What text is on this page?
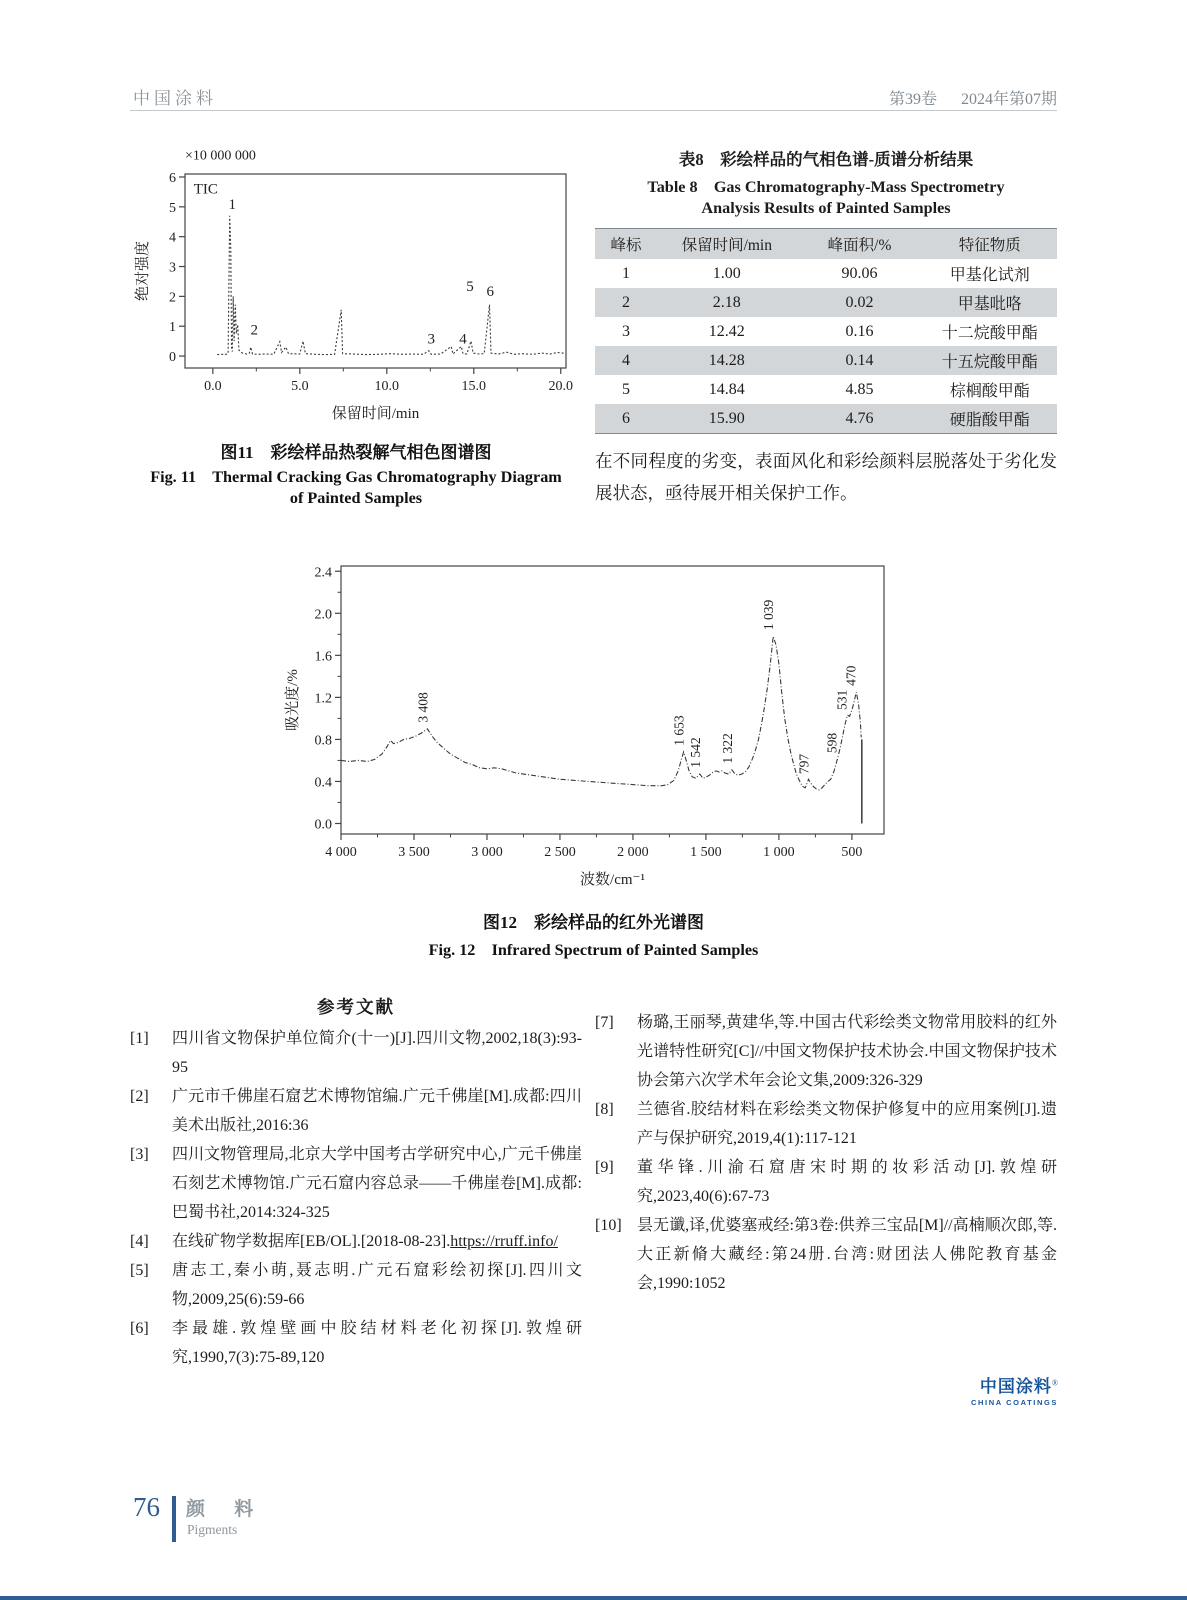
中国涂料	第39卷 2024年第07期
0.0	5.0	10.0	15.0	20.0
0
1
2
3
4
5
6
×10 000 000
TIC
1
2
3 4
5 6
保留时间/min
绝对强度
图11　彩绘样品热裂解气相色图谱图
Fig. 11　Thermal Cracking Gas Chromatography Diagram
of Painted Samples
表8　彩绘样品的气相色谱-质谱分析结果
Table 8　Gas Chromatography-Mass Spectrometry
Analysis Results of Painted Samples
峰标	保留时间/min	峰面积/%	特征物质
1	1.00	90.06	甲基化试剂
2	2.18	0.02	甲基吡咯
3	12.42	0.16	十二烷酸甲酯
4	14.28	0.14	十五烷酸甲酯
5	14.84	4.85	棕榈酸甲酯
6	15.90	4.76	硬脂酸甲酯
在不同程度的劣变，表面风化和彩绘颜料层脱落处于劣化发展状态，亟待展开相关保护工作。
4 000	3 500	3 000	2 500	2 000	1 500	1 000	500
0.0
0.4
0.8
1.2
1.6
2.0
2.4
3 408
1 653
1 542 1 322
1 039
797
598
531
470
波数/cm⁻¹
吸光度/%
图12　彩绘样品的红外光谱图
Fig. 12　Infrared Spectrum of Painted Samples
参考文献
[1]	四川省文物保护单位简介(十一)[J].四川文物,2002,18(3):93-95
[2]	广元市千佛崖石窟艺术博物馆编.广元千佛崖[M].成都:四川美术出版社,2016:36
[3]	四川文物管理局,北京大学中国考古学研究中心,广元千佛崖石刻艺术博物馆.广元石窟内容总录——千佛崖卷[M].成都:巴蜀书社,2014:324-325
[4]	在线矿物学数据库[EB/OL].[2018-08-23].https://rruff.info/
[5]	唐志工,秦小萌,聂志明.广元石窟彩绘初探[J].四川文物,2009,25(6):59-66
[6]	李最雄.敦煌壁画中胶结材料老化初探[J].敦煌研究,1990,7(3):75-89,120
[7]	杨璐,王丽琴,黄建华,等.中国古代彩绘类文物常用胶料的红外光谱特性研究[C]//中国文物保护技术协会.中国文物保护技术协会第六次学术年会论文集,2009:326-329
[8]	兰德省.胶结材料在彩绘类文物保护修复中的应用案例[J].遗产与保护研究,2019,4(1):117-121
[9]	董华锋.川渝石窟唐宋时期的妆彩活动[J].敦煌研究,2023,40(6):67-73
[10] 昙无谶,译,优婆塞戒经:第3卷:供养三宝品[M]//高楠顺次郎,等.大正新脩大藏经:第24册.台湾:财团法人佛陀教育基金会,1990:1052
中国涂料®
CHINA COATINGS
76 颜 料
Pigments
